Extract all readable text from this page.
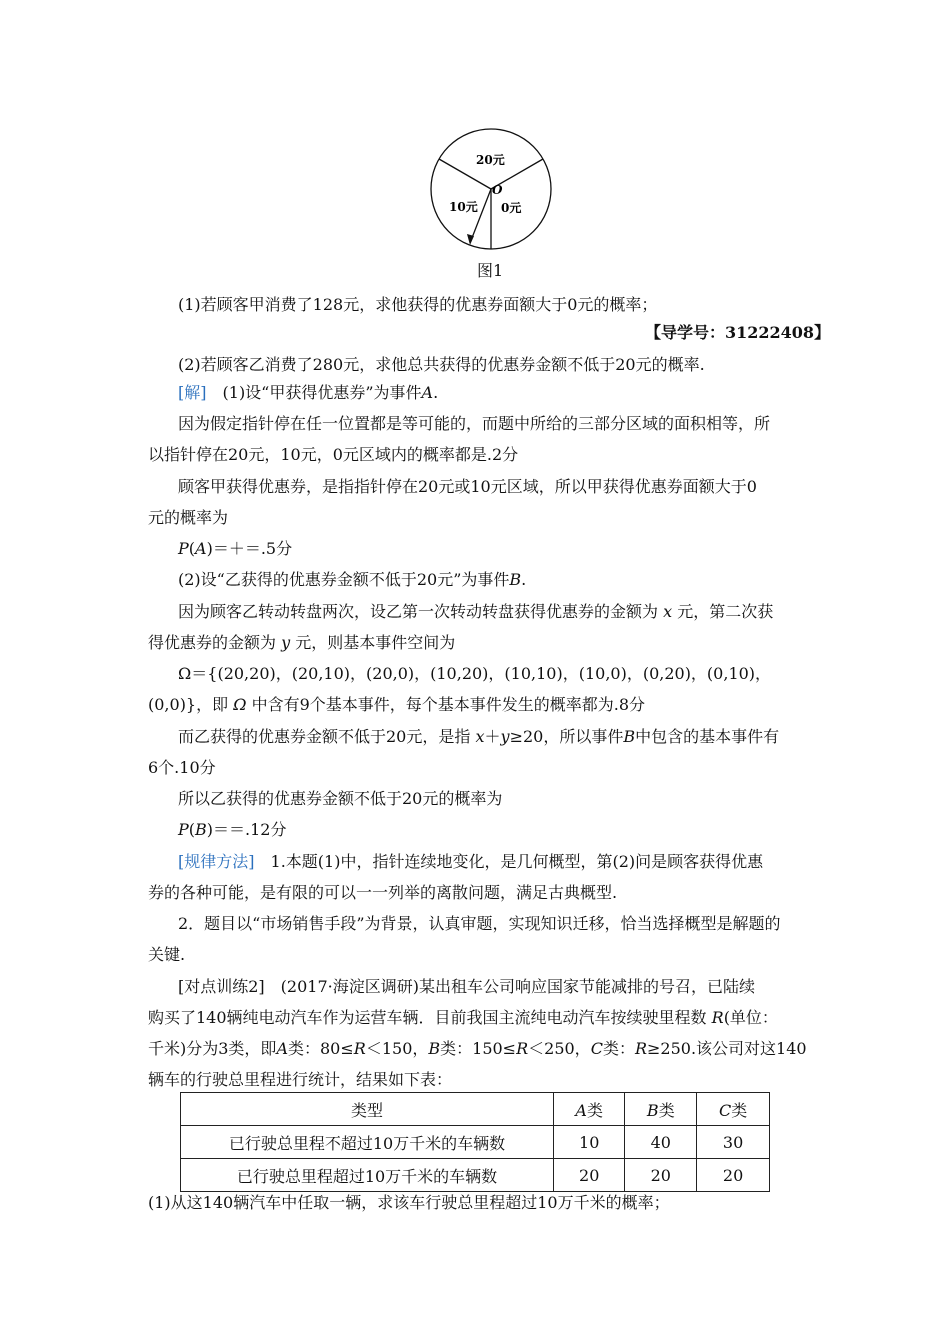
20元
10元 0元
O
图1
(1)若顾客甲消费了128元，求他获得的优惠券面额大于0元的概率；
【导学号：31222408】
(2)若顾客乙消费了280元，求他总共获得的优惠券金额不低于20元的概率.
[解]　 (1)设“甲获得优惠券”为事件A.
因为假定指针停在任一位置都是等可能的，而题中所给的三部分区域的面积相等，所
以指针停在20元，10元，0元区域内的概率都是.2分
顾客甲获得优惠券，是指指针停在20元或10元区域，所以甲获得优惠券面额大于0
元的概率为
P(A)＝＋＝.5分
(2)设“乙获得的优惠券金额不低于20元”为事件B.
因为顾客乙转动转盘两次，设乙第一次转动转盘获得优惠券的金额为 x 元，第二次获
得优惠券的金额为 y 元，则基本事件空间为
Ω＝{(20,20)，(20,10)，(20,0)，(10,20)，(10,10)，(10,0)，(0,20)，(0,10)，
(0,0)}，即 Ω 中含有9个基本事件，每个基本事件发生的概率都为.8分
而乙获得的优惠券金额不低于20元，是指 x＋y≥20，所以事件B中包含的基本事件有
6个.10分
所以乙获得的优惠券金额不低于20元的概率为
P(B)＝＝.12分
[规律方法]　 1.本题(1)中，指针连续地变化，是几何概型，第(2)问是顾客获得优惠
券的各种可能，是有限的可以一一列举的离散问题，满足古典概型.
2．题目以“市场销售手段”为背景，认真审题，实现知识迁移，恰当选择概型是解题的
关键.
[对点训练2]　(2017·海淀区调研)某出租车公司响应国家节能减排的号召，已陆续
购买了140辆纯电动汽车作为运营车辆．目前我国主流纯电动汽车按续驶里程数 R(单位：
千米)分为3类，即A类：80≤R＜150，B类：150≤R＜250，C类：R≥250.该公司对这140
辆车的行驶总里程进行统计，结果如下表：
类型	A类	B类	C类
已行驶总里程不超过10万千米的车辆数	10	40	30
已行驶总里程超过10万千米的车辆数	20	20	20
(1)从这140辆汽车中任取一辆，求该车行驶总里程超过10万千米的概率；
